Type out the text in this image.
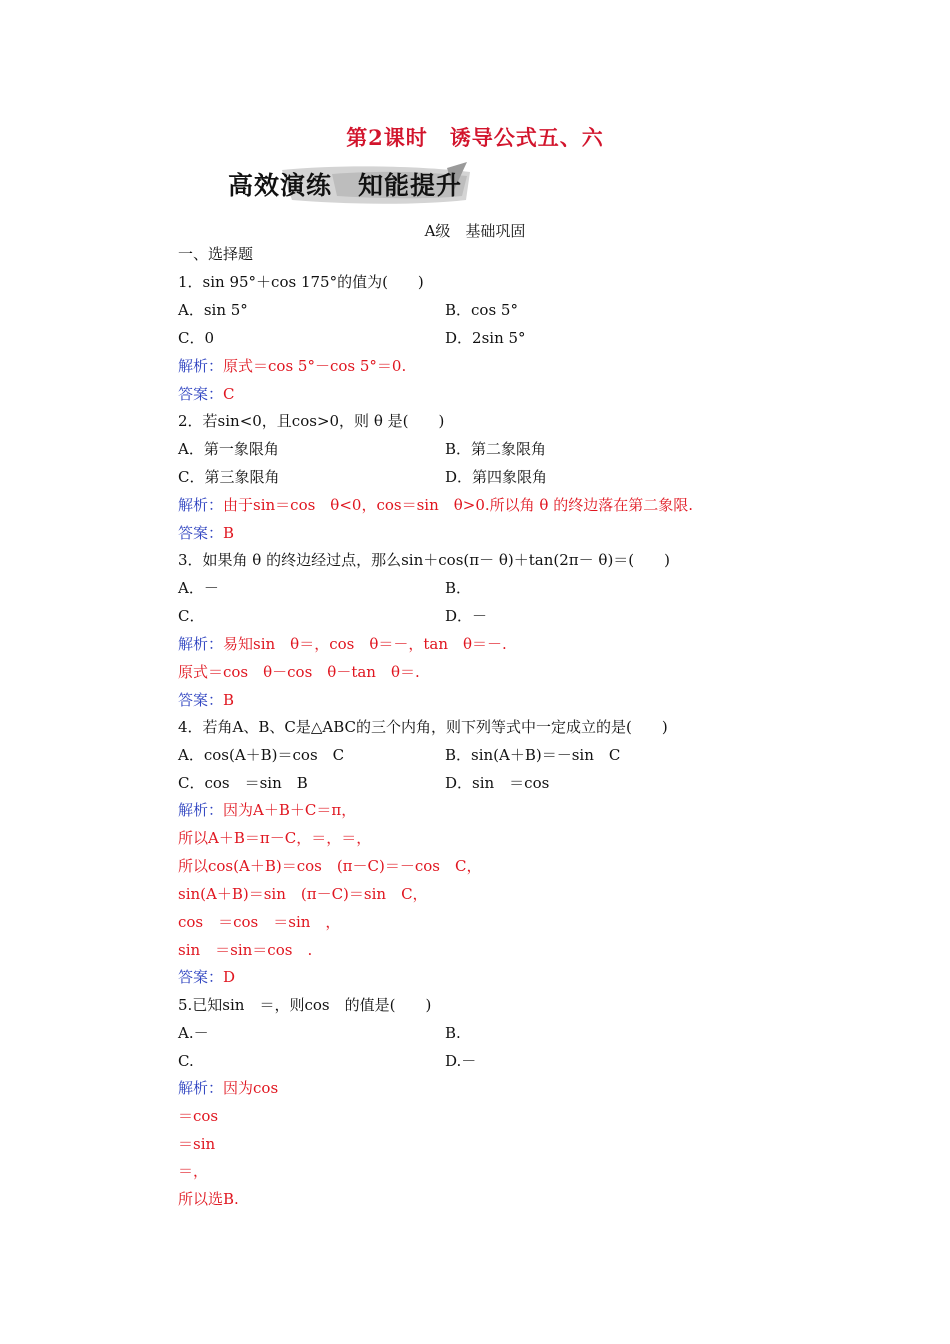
第2课时　诱导公式五、六
高效演练　知能提升
A级　基础巩固
一、选择题
1．sin 95°＋cos 175°的值为(　　)
A．sin 5°	B．cos 5°
C．0	D．2sin 5°
解析：原式＝cos 5°－cos 5°＝0.
答案：C
2．若sin<0，且cos>0，则 θ 是(　　)
A．第一象限角	B．第二象限角
C．第三象限角	D．第四象限角
解析：由于sin＝cos　θ<0，cos＝sin　θ>0.所以角 θ 的终边落在第二象限.
答案：B
3．如果角 θ 的终边经过点，那么sin＋cos(π－ θ)＋tan(2π－ θ)＝(　　)
A．－	B．
C．	D．－
解析：易知sin　θ＝，cos　θ＝－，tan　θ＝－.
原式＝cos　θ－cos　θ－tan　θ＝.
答案：B
4．若角A、B、C是△ABC的三个内角，则下列等式中一定成立的是(　　)
A．cos(A＋B)＝cos　C	B．sin(A＋B)＝－sin　C
C．cos　＝sin　B	D．sin　＝cos
解析：因为A＋B＋C＝π，
所以A＋B＝π－C，＝，＝，
所以cos(A＋B)＝cos　(π－C)＝－cos　C，
sin(A＋B)＝sin　(π－C)＝sin　C，
cos　＝cos　＝sin　，
sin　＝sin＝cos　.
答案：D
5.已知sin　＝，则cos　的值是(　　)
A.－	B.
C.	D.－
解析：因为cos
＝cos
＝sin
＝，
所以选B.
